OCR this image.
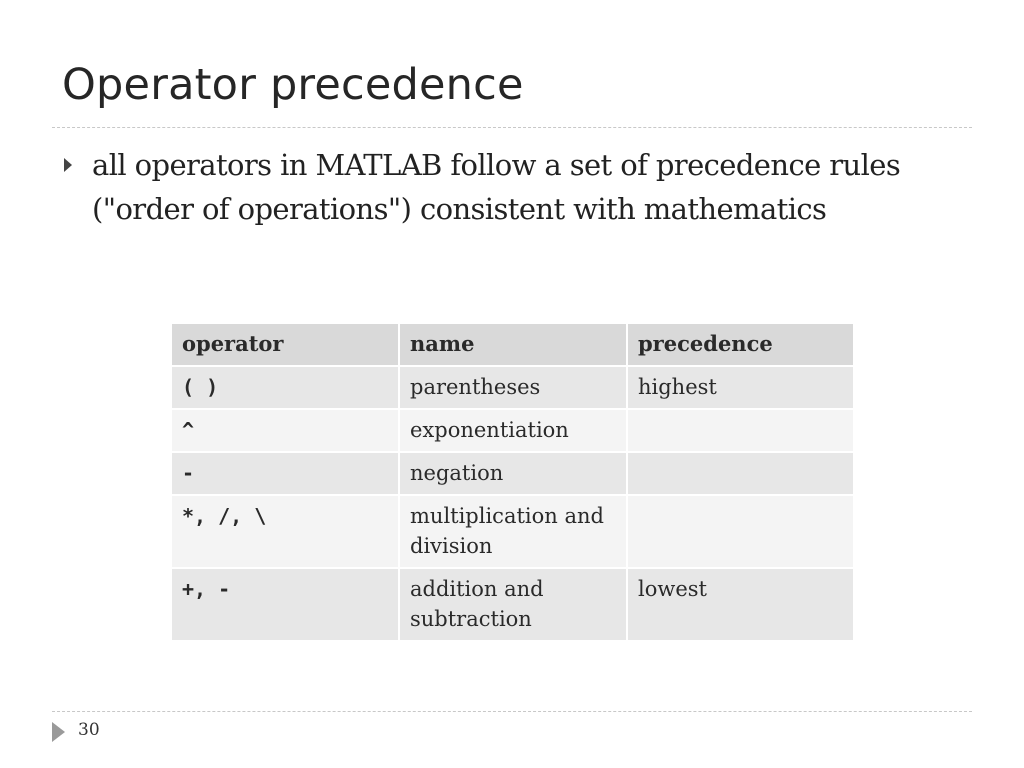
Operator precedence
all operators in MATLAB follow a set of precedence rules ("order of operations") consistent with mathematics
operator	name	precedence
( )	parentheses	highest
^	exponentiation	
-	negation	
*, /, \	multiplication and division	
+, -	addition and subtraction	lowest
30
